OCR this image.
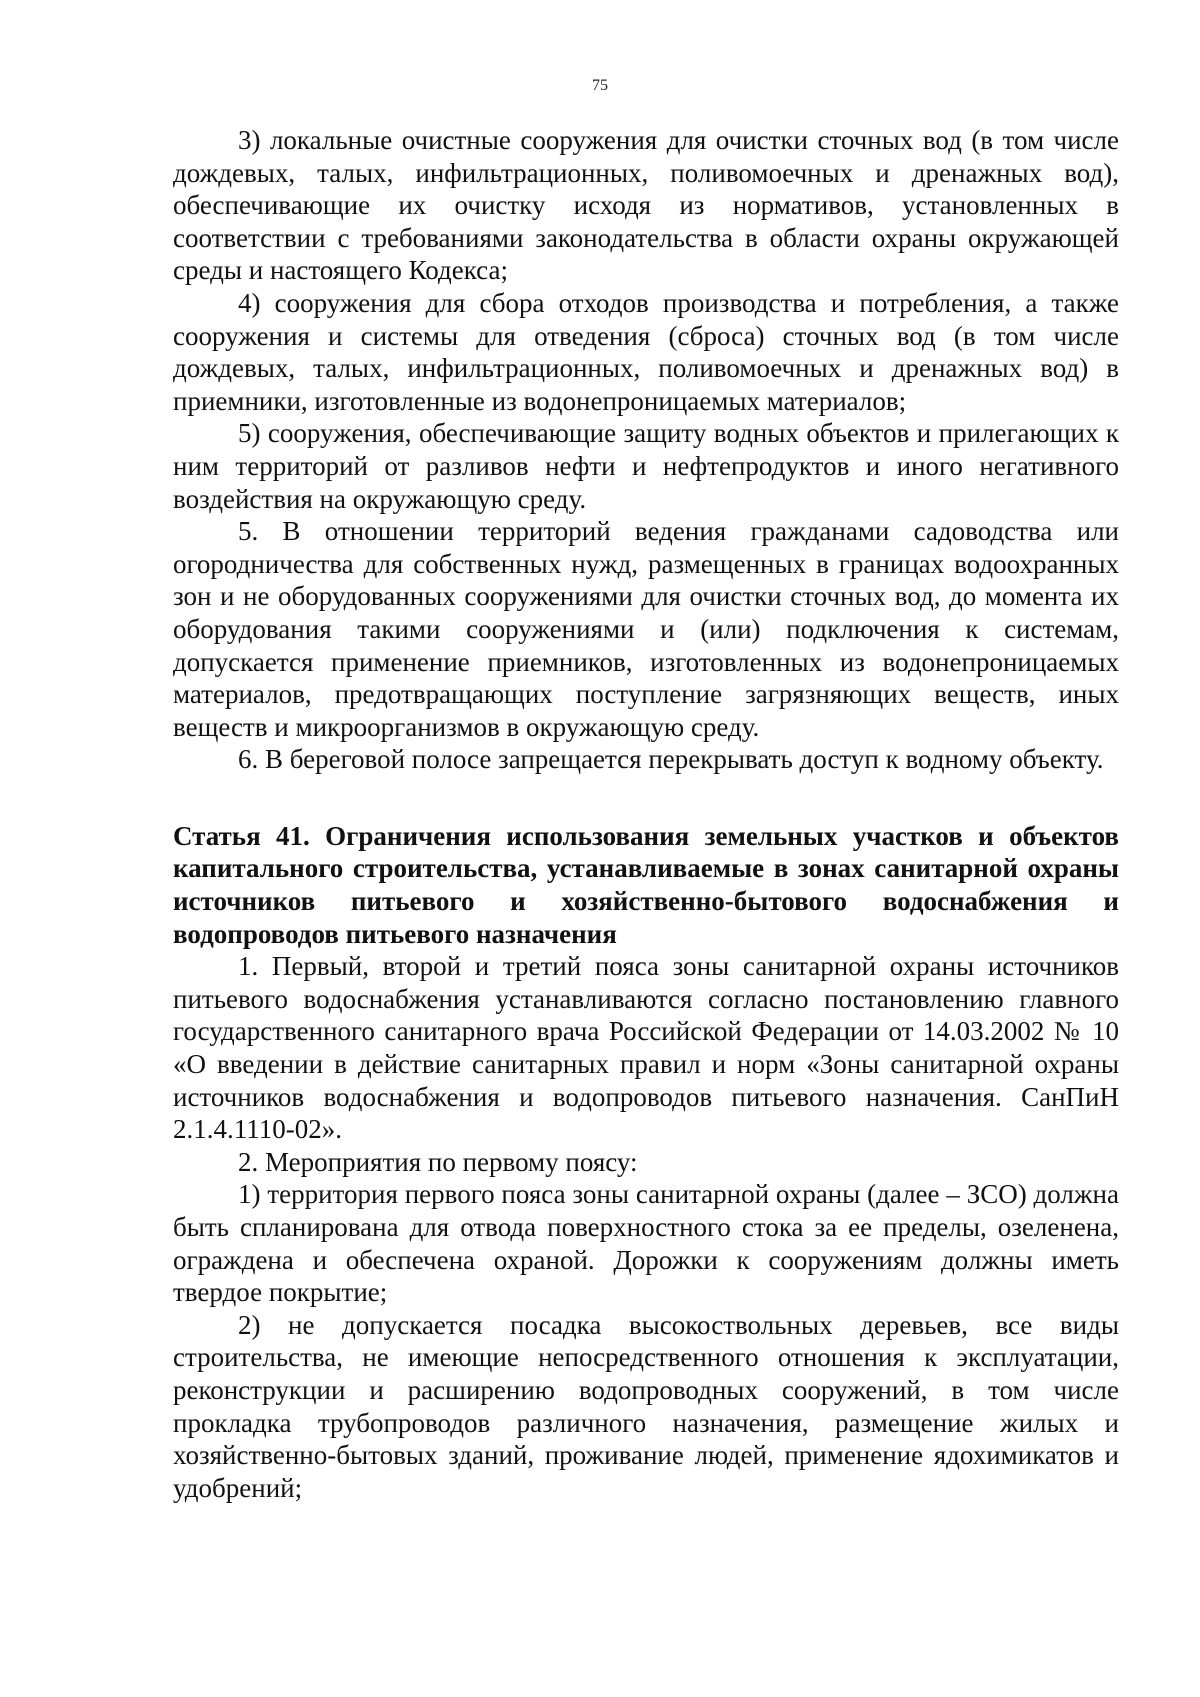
75

3) локальные очистные сооружения для очистки сточных вод (в том числе дождевых, талых, инфильтрационных, поливомоечных и дренажных вод), обеспечивающие их очистку исходя из нормативов, установленных в соответствии с требованиями законодательства в области охраны окружающей среды и настоящего Кодекса;

4) сооружения для сбора отходов производства и потребления, а также сооружения и системы для отведения (сброса) сточных вод (в том числе дождевых, талых, инфильтрационных, поливомоечных и дренажных вод) в приемники, изготовленные из водонепроницаемых материалов;

5) сооружения, обеспечивающие защиту водных объектов и прилегающих к ним территорий от разливов нефти и нефтепродуктов и иного негативного воздействия на окружающую среду.

5. В отношении территорий ведения гражданами садоводства или огородничества для собственных нужд, размещенных в границах водоохранных зон и не оборудованных сооружениями для очистки сточных вод, до момента их оборудования такими сооружениями и (или) подключения к системам, допускается применение приемников, изготовленных из водонепроницаемых материалов, предотвращающих поступление загрязняющих веществ, иных веществ и микроорганизмов в окружающую среду.

6. В береговой полосе запрещается перекрывать доступ к водному объекту.

Статья 41. Ограничения использования земельных участков и объектов капитального строительства, устанавливаемые в зонах санитарной охраны источников питьевого и хозяйственно-бытового водоснабжения и водопроводов питьевого назначения

1. Первый, второй и третий пояса зоны санитарной охраны источников питьевого водоснабжения устанавливаются согласно постановлению главного государственного санитарного врача Российской Федерации от 14.03.2002 № 10 «О введении в действие санитарных правил и норм «Зоны санитарной охраны источников водоснабжения и водопроводов питьевого назначения. СанПиН 2.1.4.1110-02».

2. Мероприятия по первому поясу:

1) территория первого пояса зоны санитарной охраны (далее – ЗСО) должна быть спланирована для отвода поверхностного стока за ее пределы, озеленена, ограждена и обеспечена охраной. Дорожки к сооружениям должны иметь твердое покрытие;

2) не допускается посадка высокоствольных деревьев, все виды строительства, не имеющие непосредственного отношения к эксплуатации, реконструкции и расширению водопроводных сооружений, в том числе прокладка трубопроводов различного назначения, размещение жилых и хозяйственно-бытовых зданий, проживание людей, применение ядохимикатов и удобрений;
